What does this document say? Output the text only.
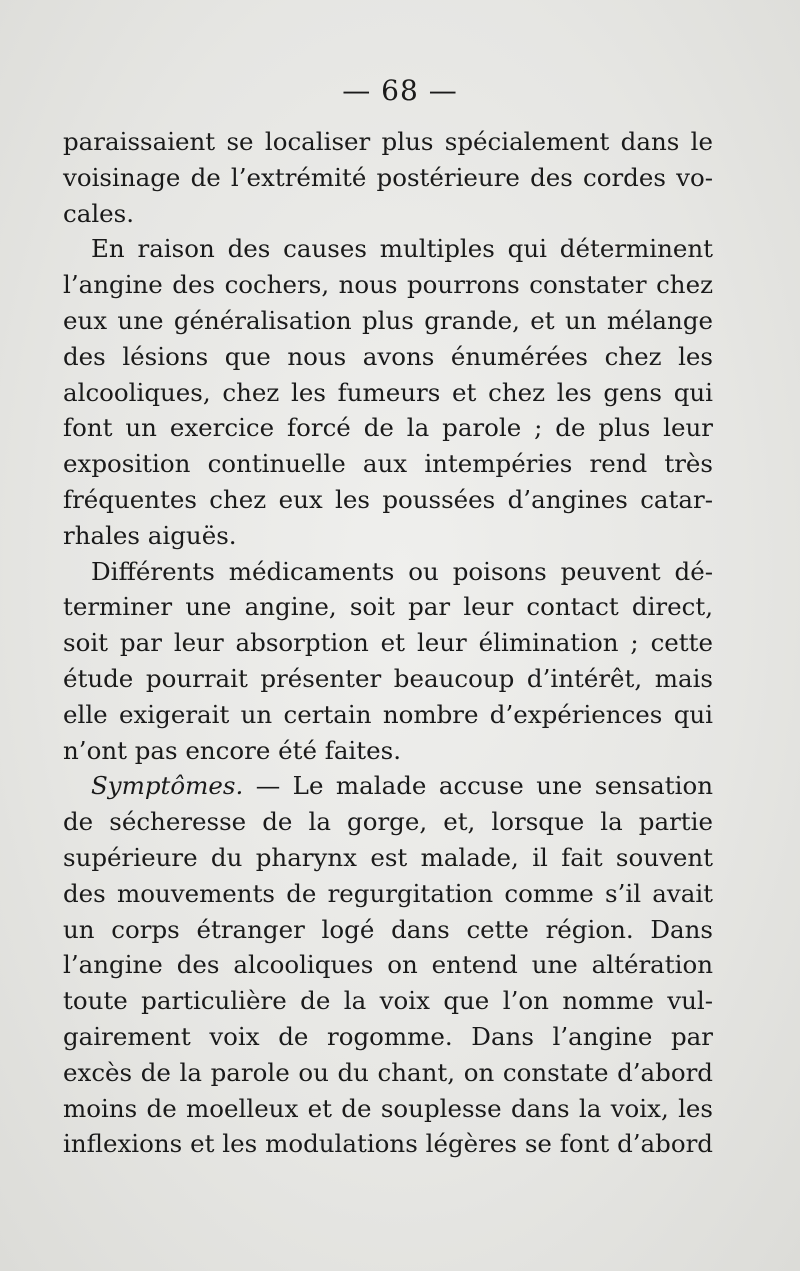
— 68 —
paraissaient se localiser plus spécialement dans le
voisinage de l’extrémité postérieure des cordes vo-
cales.
En raison des causes multiples qui déterminent
l’angine des cochers, nous pourrons constater chez
eux une généralisation plus grande, et un mélange
des lésions que nous avons énumérées chez les
alcooliques, chez les fumeurs et chez les gens qui
font un exercice forcé de la parole ; de plus leur
exposition continuelle aux intempéries rend très
fréquentes chez eux les poussées d’angines catar-
rhales aiguës.
Différents médicaments ou poisons peuvent dé-
terminer une angine, soit par leur contact direct,
soit par leur absorption et leur élimination ; cette
étude pourrait présenter beaucoup d’intérêt, mais
elle exigerait un certain nombre d’expériences qui
n’ont pas encore été faites.
Symptômes. — Le malade accuse une sensation
de sécheresse de la gorge, et, lorsque la partie
supérieure du pharynx est malade, il fait souvent
des mouvements de regurgitation comme s’il avait
un corps étranger logé dans cette région. Dans
l’angine des alcooliques on entend une altération
toute particulière de la voix que l’on nomme vul-
gairement voix de rogomme. Dans l’angine par
excès de la parole ou du chant, on constate d’abord
moins de moelleux et de souplesse dans la voix, les
inflexions et les modulations légères se font d’abord
